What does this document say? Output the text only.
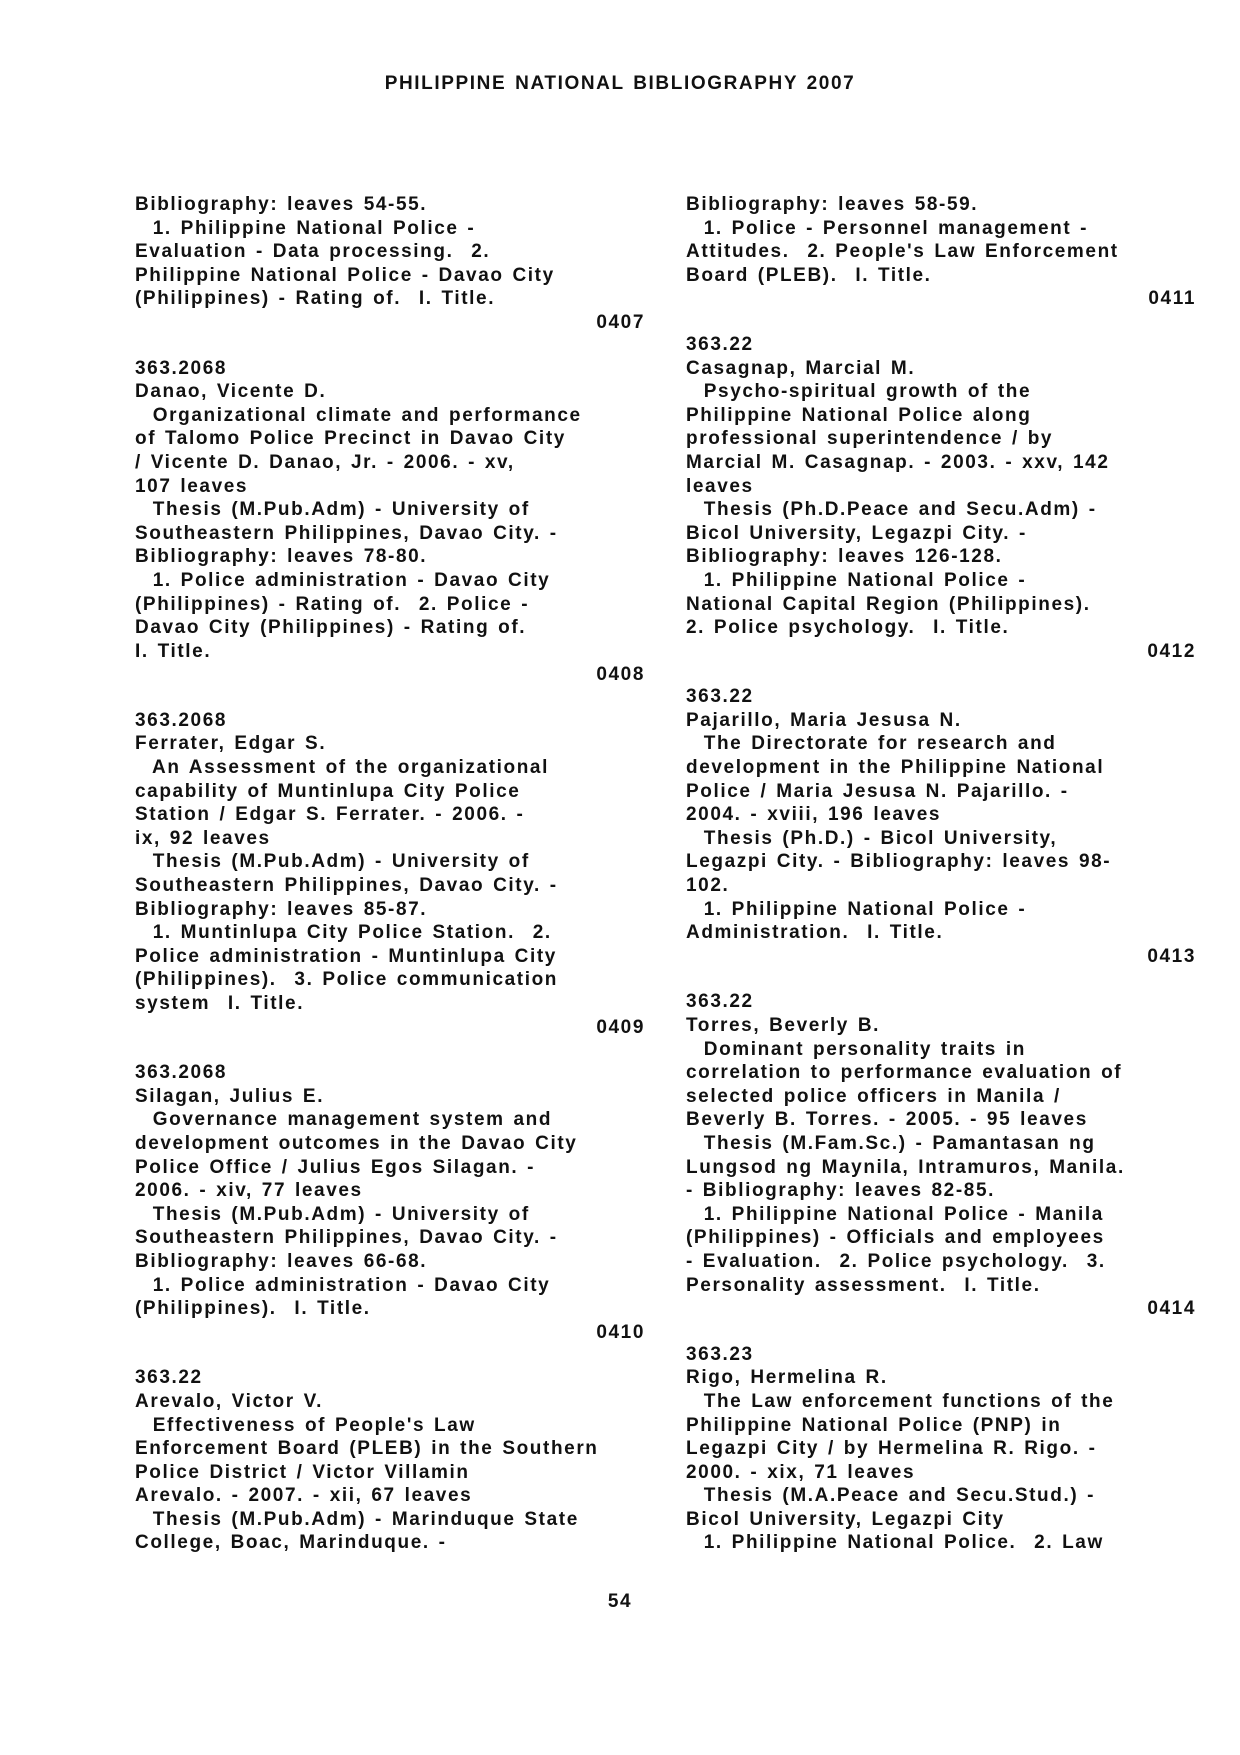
PHILIPPINE NATIONAL BIBLIOGRAPHY 2007
Bibliography: leaves 54-55.
1. Philippine National Police -
Evaluation - Data processing.  2.
Philippine National Police - Davao City
(Philippines) - Rating of.  I. Title.
0407
363.2068
Danao, Vicente D.
Organizational climate and performance
of Talomo Police Precinct in Davao City
/ Vicente D. Danao, Jr. - 2006. - xv,
107 leaves
Thesis (M.Pub.Adm) - University of
Southeastern Philippines, Davao City. -
Bibliography: leaves 78-80.
1. Police administration - Davao City
(Philippines) - Rating of.  2. Police -
Davao City (Philippines) - Rating of.
I. Title.
0408
363.2068
Ferrater, Edgar S.
An Assessment of the organizational
capability of Muntinlupa City Police
Station / Edgar S. Ferrater. - 2006. -
ix, 92 leaves
Thesis (M.Pub.Adm) - University of
Southeastern Philippines, Davao City. -
Bibliography: leaves 85-87.
1. Muntinlupa City Police Station.  2.
Police administration - Muntinlupa City
(Philippines).  3. Police communication
system  I. Title.
0409
363.2068
Silagan, Julius E.
Governance management system and
development outcomes in the Davao City
Police Office / Julius Egos Silagan. -
2006. - xiv, 77 leaves
Thesis (M.Pub.Adm) - University of
Southeastern Philippines, Davao City. -
Bibliography: leaves 66-68.
1. Police administration - Davao City
(Philippines).  I. Title.
0410
363.22
Arevalo, Victor V.
Effectiveness of People's Law
Enforcement Board (PLEB) in the Southern
Police District / Victor Villamin
Arevalo. - 2007. - xii, 67 leaves
Thesis (M.Pub.Adm) - Marinduque State
College, Boac, Marinduque. -
Bibliography: leaves 58-59.
1. Police - Personnel management -
Attitudes.  2. People's Law Enforcement
Board (PLEB).  I. Title.
0411
363.22
Casagnap, Marcial M.
Psycho-spiritual growth of the
Philippine National Police along
professional superintendence / by
Marcial M. Casagnap. - 2003. - xxv, 142
leaves
Thesis (Ph.D.Peace and Secu.Adm) -
Bicol University, Legazpi City. -
Bibliography: leaves 126-128.
1. Philippine National Police -
National Capital Region (Philippines).
2. Police psychology.  I. Title.
0412
363.22
Pajarillo, Maria Jesusa N.
The Directorate for research and
development in the Philippine National
Police / Maria Jesusa N. Pajarillo. -
2004. - xviii, 196 leaves
Thesis (Ph.D.) - Bicol University,
Legazpi City. - Bibliography: leaves 98-
102.
1. Philippine National Police -
Administration.  I. Title.
0413
363.22
Torres, Beverly B.
Dominant personality traits in
correlation to performance evaluation of
selected police officers in Manila /
Beverly B. Torres. - 2005. - 95 leaves
Thesis (M.Fam.Sc.) - Pamantasan ng
Lungsod ng Maynila, Intramuros, Manila.
- Bibliography: leaves 82-85.
1. Philippine National Police - Manila
(Philippines) - Officials and employees
- Evaluation.  2. Police psychology.  3.
Personality assessment.  I. Title.
0414
363.23
Rigo, Hermelina R.
The Law enforcement functions of the
Philippine National Police (PNP) in
Legazpi City / by Hermelina R. Rigo. -
2000. - xix, 71 leaves
Thesis (M.A.Peace and Secu.Stud.) -
Bicol University, Legazpi City
1. Philippine National Police.  2. Law
54
